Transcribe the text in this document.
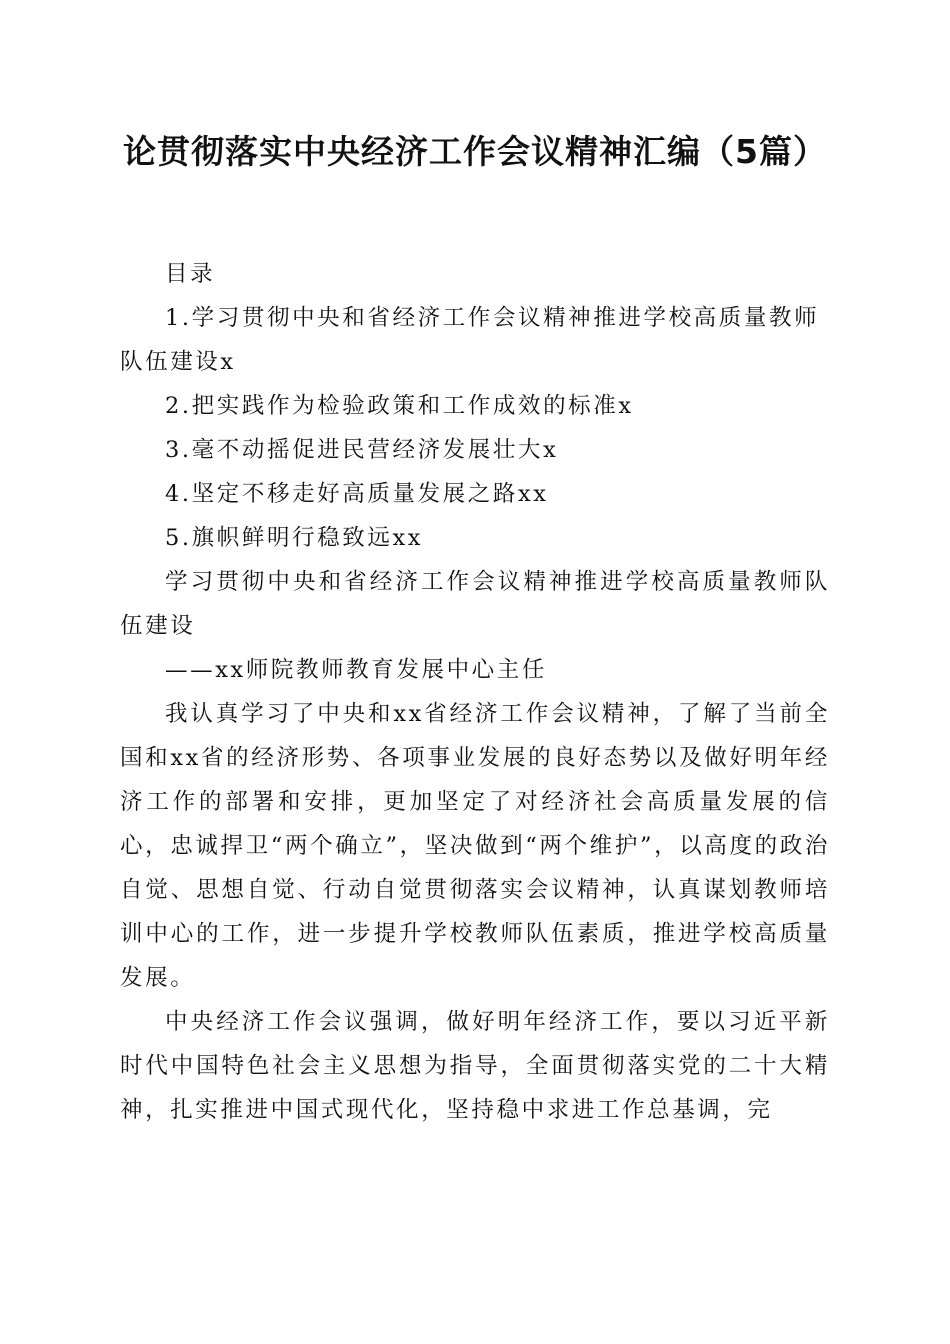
论贯彻落实中央经济工作会议精神汇编（5篇）

目录

1.学习贯彻中央和省经济工作会议精神推进学校高质量教师队伍建设x

2.把实践作为检验政策和工作成效的标准x

3.毫不动摇促进民营经济发展壮大x

4.坚定不移走好高质量发展之路xx

5.旗帜鲜明行稳致远xx

学习贯彻中央和省经济工作会议精神推进学校高质量教师队伍建设

——xx师院教师教育发展中心主任

我认真学习了中央和xx省经济工作会议精神，了解了当前全国和xx省的经济形势、各项事业发展的良好态势以及做好明年经济工作的部署和安排，更加坚定了对经济社会高质量发展的信心，忠诚捍卫“两个确立”，坚决做到“两个维护”，以高度的政治自觉、思想自觉、行动自觉贯彻落实会议精神，认真谋划教师培训中心的工作，进一步提升学校教师队伍素质，推进学校高质量发展。

中央经济工作会议强调，做好明年经济工作，要以习近平新时代中国特色社会主义思想为指导，全面贯彻落实党的二十大精神，扎实推进中国式现代化，坚持稳中求进工作总基调，完
